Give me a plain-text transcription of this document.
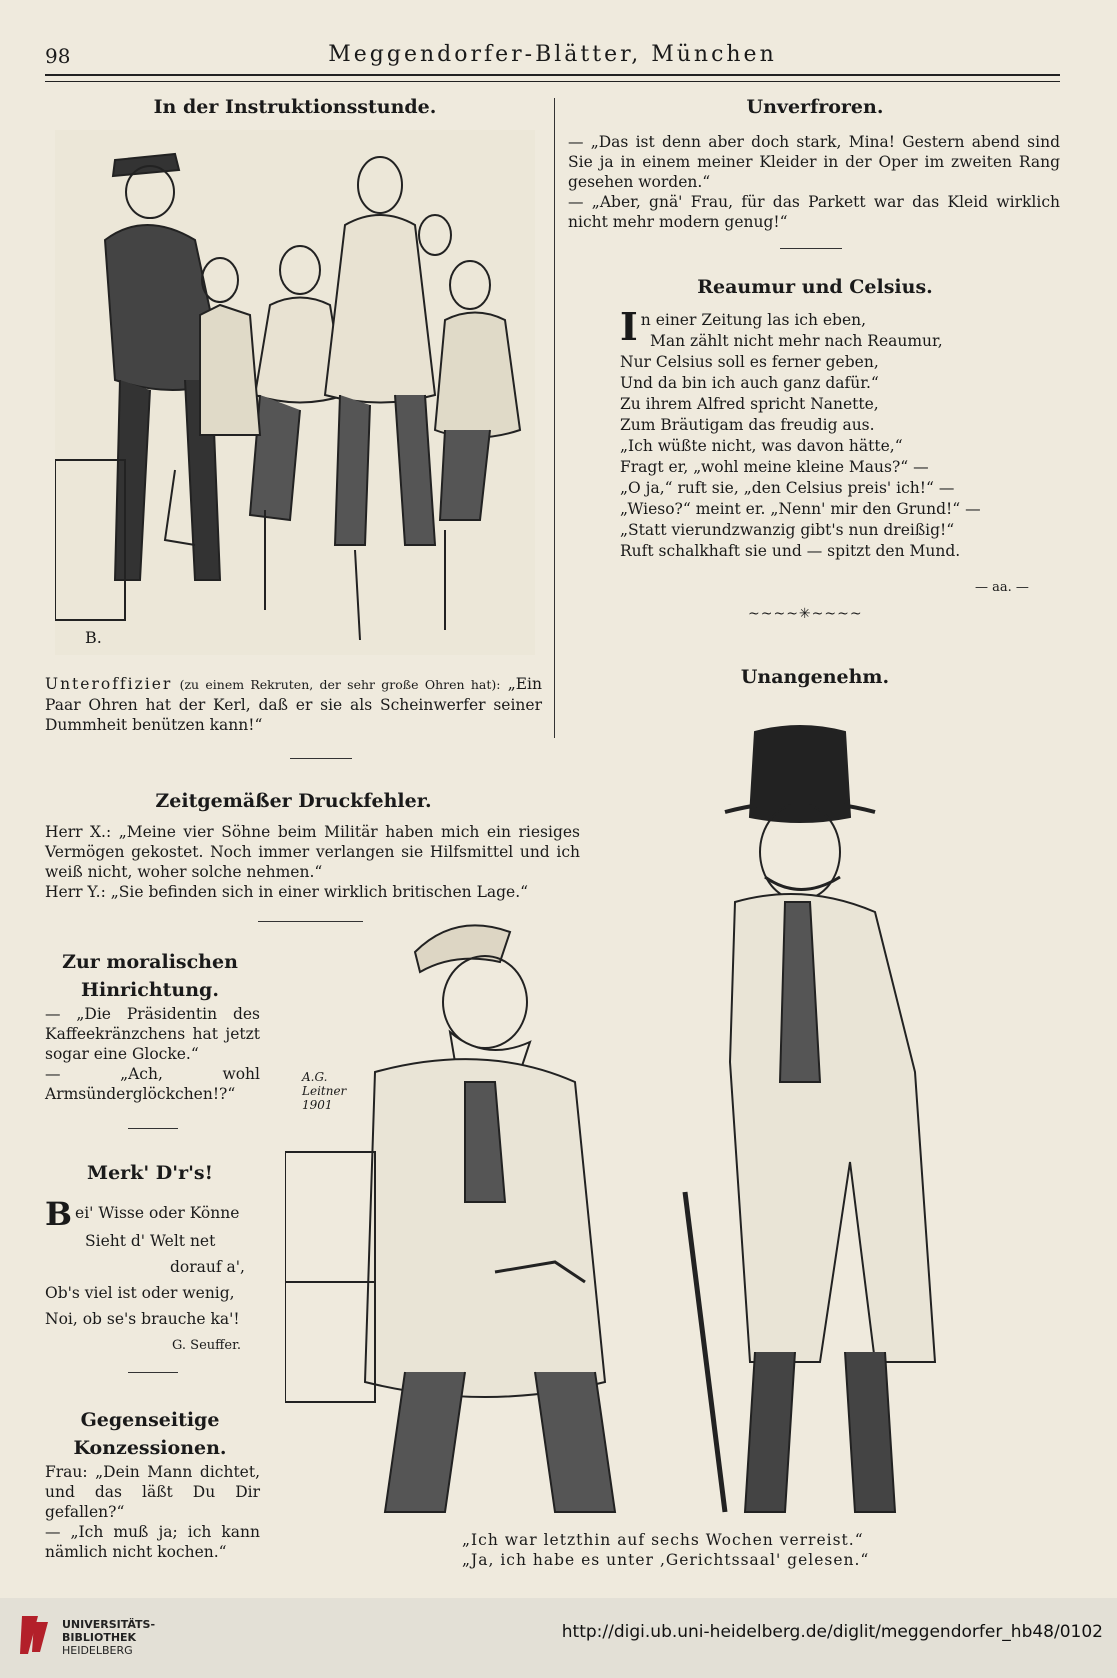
98	Meggendorfer-Blätter, München
In der Instruktionsstunde.
B.

Unteroffizier (zu einem Rekruten, der sehr große Ohren hat): „Ein Paar Ohren hat der Kerl, daß er sie als Scheinwerfer seiner Dummheit benützen kann!“

Zeitgemäßer Druckfehler.

Herr X.: „Meine vier Söhne beim Militär haben mich ein riesiges Vermögen gekostet. Noch immer verlangen sie Hilfsmittel und ich weiß nicht, woher solche nehmen.“

Herr Y.: „Sie befinden sich in einer wirklich britischen Lage.“

Zur moralischen
Hinrichtung.

— „Die Präsidentin des Kaffeekränzchens hat jetzt sogar eine Glocke.“

— „Ach, wohl Armsünderglöckchen!?“

Merk' D'r's!

Bei' Wisse oder Könne

Sieht d' Welt net

dorauf a',

Ob's viel ist oder wenig,

Noi, ob se's brauche ka'!

G. Seuffer.
Gegenseitige
Konzessionen.

Frau: „Dein Mann dichtet, und das läßt Du Dir gefallen?“

— „Ich muß ja; ich kann nämlich nicht kochen.“

Unverfroren.

— „Das ist denn aber doch stark, Mina! Gestern abend sind Sie ja in einem meiner Kleider in der Oper im zweiten Rang gesehen worden.“

— „Aber, gnä' Frau, für das Parkett war das Kleid wirklich nicht mehr modern genug!“

Reaumur und Celsius.

In einer Zeitung las ich eben,

Man zählt nicht mehr nach Reaumur,

Nur Celsius soll es ferner geben,

Und da bin ich auch ganz dafür.“

Zu ihrem Alfred spricht Nanette,

Zum Bräutigam das freudig aus.

„Ich wüßte nicht, was davon hätte,“

Fragt er, „wohl meine kleine Maus?“ —

„O ja,“ ruft sie, „den Celsius preis' ich!“ —

„Wieso?“ meint er. „Nenn' mir den Grund!“ —

„Statt vierundzwanzig gibt's nun dreißig!“

Ruft schalkhaft sie und — spitzt den Mund.

— aa. —
~~~~✳~~~~
Unangenehm.
A.G. Leitner 1901

„Ich war letzthin auf sechs Wochen verreist.“

„Ja, ich habe es unter ‚Gerichtssaal' gelesen.“

UNIVERSITÄTS-
BIBLIOTHEK
HEIDELBERG
http://digi.ub.uni-heidelberg.de/diglit/meggendorfer_hb48/0102
